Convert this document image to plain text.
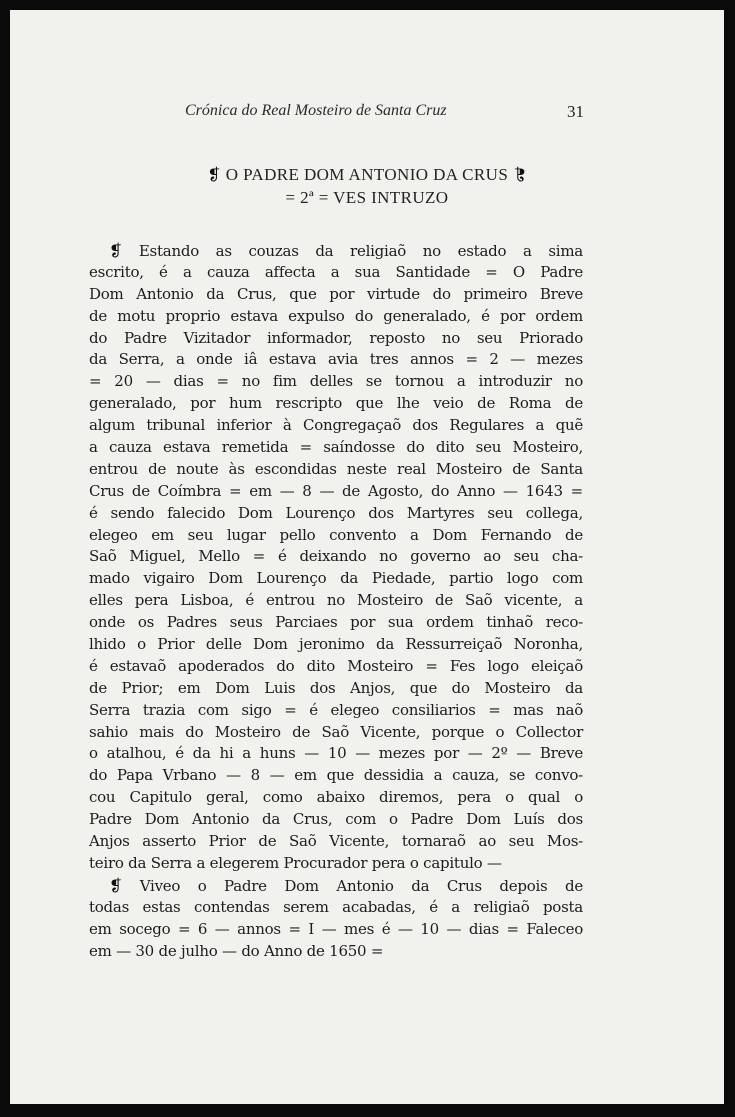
Crónica do Real Mosteiro de Santa Cruz	31
❡ O PADRE DOM ANTONIO DA CRUS ❡
= 2ª = VES INTRUZO
❡ Estando as couzas da religiaõ no estado a sima
escrito, é a cauza affecta a sua Santidade = O Padre
Dom Antonio da Crus, que por virtude do primeiro Breve
de motu proprio estava expulso do generalado, é por ordem
do Padre Vizitador informador, reposto no seu Priorado
da Serra, a onde iâ estava avia tres annos = 2 — mezes
= 20 — dias = no fim delles se tornou a introduzir no
generalado, por hum rescripto que lhe veio de Roma de
algum tribunal inferior à Congregaçaõ dos Regulares a quẽ
a cauza estava remetida = saíndosse do dito seu Mosteiro,
entrou de noute às escondidas neste real Mosteiro de Santa
Crus de Coímbra = em — 8 — de Agosto, do Anno — 1643 =
é sendo falecido Dom Lourenço dos Martyres seu collega,
elegeo em seu lugar pello convento a Dom Fernando de
Saõ Miguel, Mello = é deixando no governo ao seu cha-
mado vigairo Dom Lourenço da Piedade, partio logo com
elles pera Lisboa, é entrou no Mosteiro de Saõ vicente, a
onde os Padres seus Parciaes por sua ordem tinhaõ reco-
lhido o Prior delle Dom jeronimo da Ressurreiçaõ Noronha,
é estavaõ apoderados do dito Mosteiro = Fes logo eleiçaõ
de Prior; em Dom Luis dos Anjos, que do Mosteiro da
Serra trazia com sigo = é elegeo consiliarios = mas naõ
sahio mais do Mosteiro de Saõ Vicente, porque o Collector
o atalhou, é da hi a huns — 10 — mezes por — 2º — Breve
do Papa Vrbano — 8 — em que dessidia a cauza, se convo-
cou Capitulo geral, como abaixo diremos, pera o qual o
Padre Dom Antonio da Crus, com o Padre Dom Luís dos
Anjos asserto Prior de Saõ Vicente, tornaraõ ao seu Mos-
teiro da Serra a elegerem Procurador pera o capitulo —
❡ Viveo o Padre Dom Antonio da Crus depois de
todas estas contendas serem acabadas, é a religiaõ posta
em socego = 6 — annos = I — mes é — 10 — dias = Faleceo
em — 30 de julho — do Anno de 1650 =
